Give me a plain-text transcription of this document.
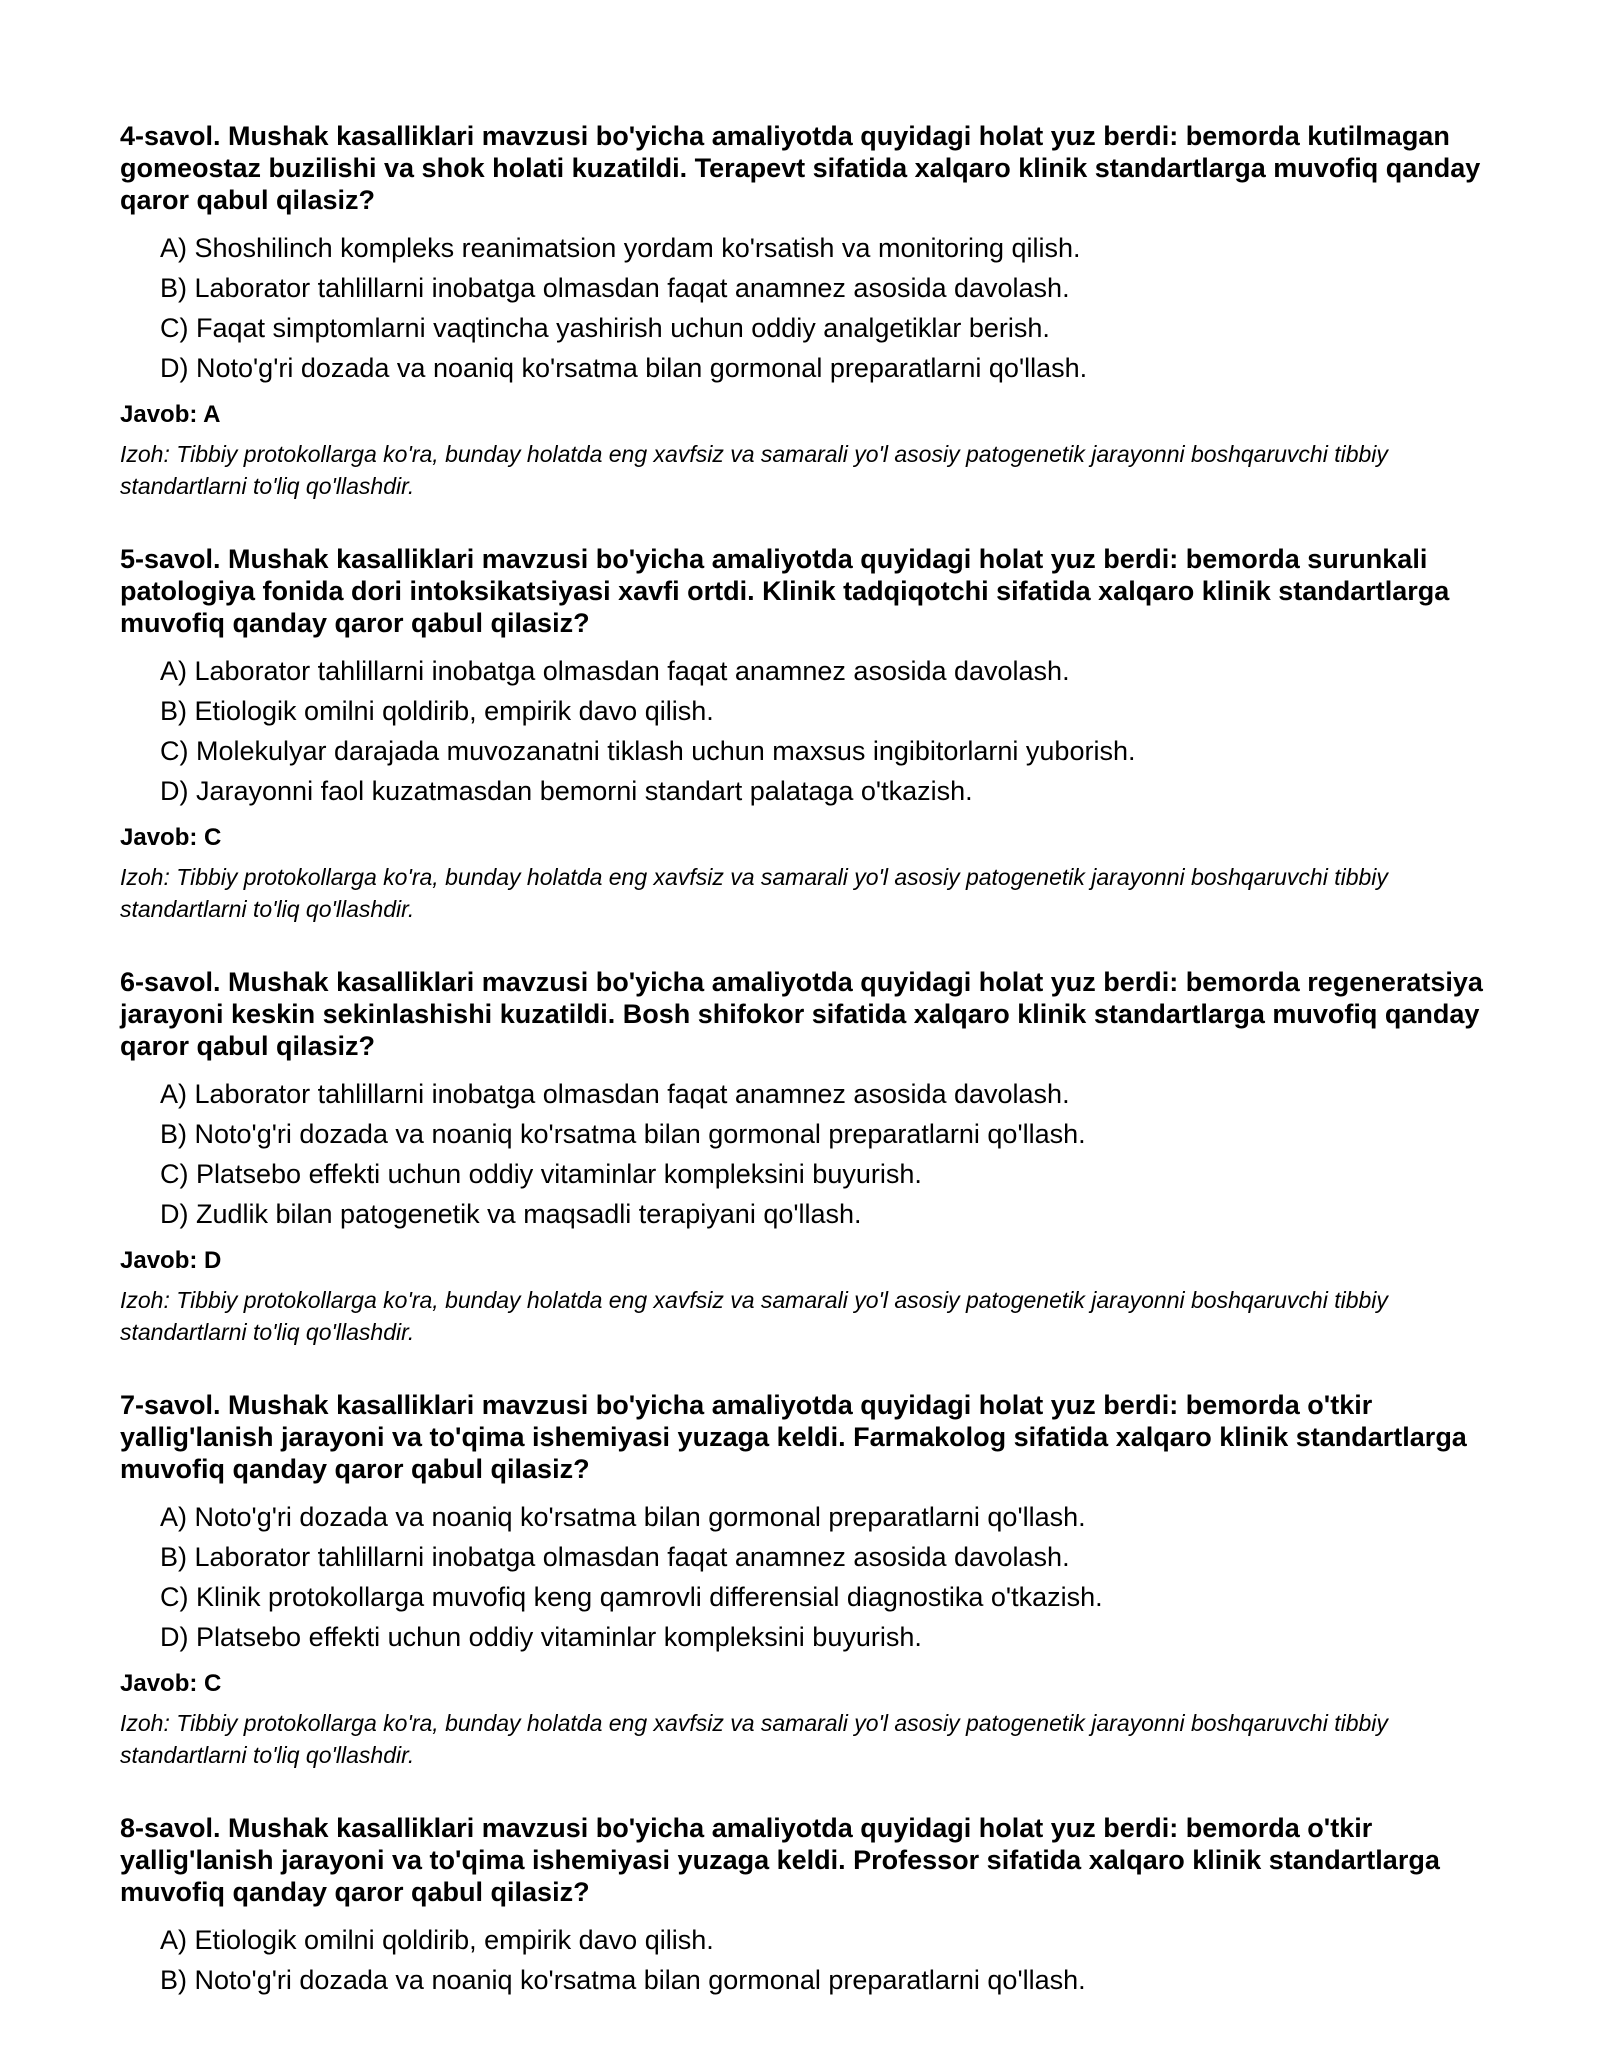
4-savol. Mushak kasalliklari mavzusi bo'yicha amaliyotda quyidagi holat yuz berdi: bemorda kutilmagan gomeostaz buzilishi va shok holati kuzatildi. Terapevt sifatida xalqaro klinik standartlarga muvofiq qanday qaror qabul qilasiz?

A) Shoshilinch kompleks reanimatsion yordam ko'rsatish va monitoring qilish.
B) Laborator tahlillarni inobatga olmasdan faqat anamnez asosida davolash.
C) Faqat simptomlarni vaqtincha yashirish uchun oddiy analgetiklar berish.
D) Noto'g'ri dozada va noaniq ko'rsatma bilan gormonal preparatlarni qo'llash.

Javob: A

Izoh: Tibbiy protokollarga ko'ra, bunday holatda eng xavfsiz va samarali yo'l asosiy patogenetik jarayonni boshqaruvchi tibbiy standartlarni to'liq qo'llashdir.

5-savol. Mushak kasalliklari mavzusi bo'yicha amaliyotda quyidagi holat yuz berdi: bemorda surunkali patologiya fonida dori intoksikatsiyasi xavfi ortdi. Klinik tadqiqotchi sifatida xalqaro klinik standartlarga muvofiq qanday qaror qabul qilasiz?

A) Laborator tahlillarni inobatga olmasdan faqat anamnez asosida davolash.
B) Etiologik omilni qoldirib, empirik davo qilish.
C) Molekulyar darajada muvozanatni tiklash uchun maxsus ingibitorlarni yuborish.
D) Jarayonni faol kuzatmasdan bemorni standart palataga o'tkazish.

Javob: C

Izoh: Tibbiy protokollarga ko'ra, bunday holatda eng xavfsiz va samarali yo'l asosiy patogenetik jarayonni boshqaruvchi tibbiy standartlarni to'liq qo'llashdir.

6-savol. Mushak kasalliklari mavzusi bo'yicha amaliyotda quyidagi holat yuz berdi: bemorda regeneratsiya jarayoni keskin sekinlashishi kuzatildi. Bosh shifokor sifatida xalqaro klinik standartlarga muvofiq qanday qaror qabul qilasiz?

A) Laborator tahlillarni inobatga olmasdan faqat anamnez asosida davolash.
B) Noto'g'ri dozada va noaniq ko'rsatma bilan gormonal preparatlarni qo'llash.
C) Platsebo effekti uchun oddiy vitaminlar kompleksini buyurish.
D) Zudlik bilan patogenetik va maqsadli terapiyani qo'llash.

Javob: D

Izoh: Tibbiy protokollarga ko'ra, bunday holatda eng xavfsiz va samarali yo'l asosiy patogenetik jarayonni boshqaruvchi tibbiy standartlarni to'liq qo'llashdir.

7-savol. Mushak kasalliklari mavzusi bo'yicha amaliyotda quyidagi holat yuz berdi: bemorda o'tkir yallig'lanish jarayoni va to'qima ishemiyasi yuzaga keldi. Farmakolog sifatida xalqaro klinik standartlarga muvofiq qanday qaror qabul qilasiz?

A) Noto'g'ri dozada va noaniq ko'rsatma bilan gormonal preparatlarni qo'llash.
B) Laborator tahlillarni inobatga olmasdan faqat anamnez asosida davolash.
C) Klinik protokollarga muvofiq keng qamrovli differensial diagnostika o'tkazish.
D) Platsebo effekti uchun oddiy vitaminlar kompleksini buyurish.

Javob: C

Izoh: Tibbiy protokollarga ko'ra, bunday holatda eng xavfsiz va samarali yo'l asosiy patogenetik jarayonni boshqaruvchi tibbiy standartlarni to'liq qo'llashdir.

8-savol. Mushak kasalliklari mavzusi bo'yicha amaliyotda quyidagi holat yuz berdi: bemorda o'tkir yallig'lanish jarayoni va to'qima ishemiyasi yuzaga keldi. Professor sifatida xalqaro klinik standartlarga muvofiq qanday qaror qabul qilasiz?

A) Etiologik omilni qoldirib, empirik davo qilish.
B) Noto'g'ri dozada va noaniq ko'rsatma bilan gormonal preparatlarni qo'llash.
